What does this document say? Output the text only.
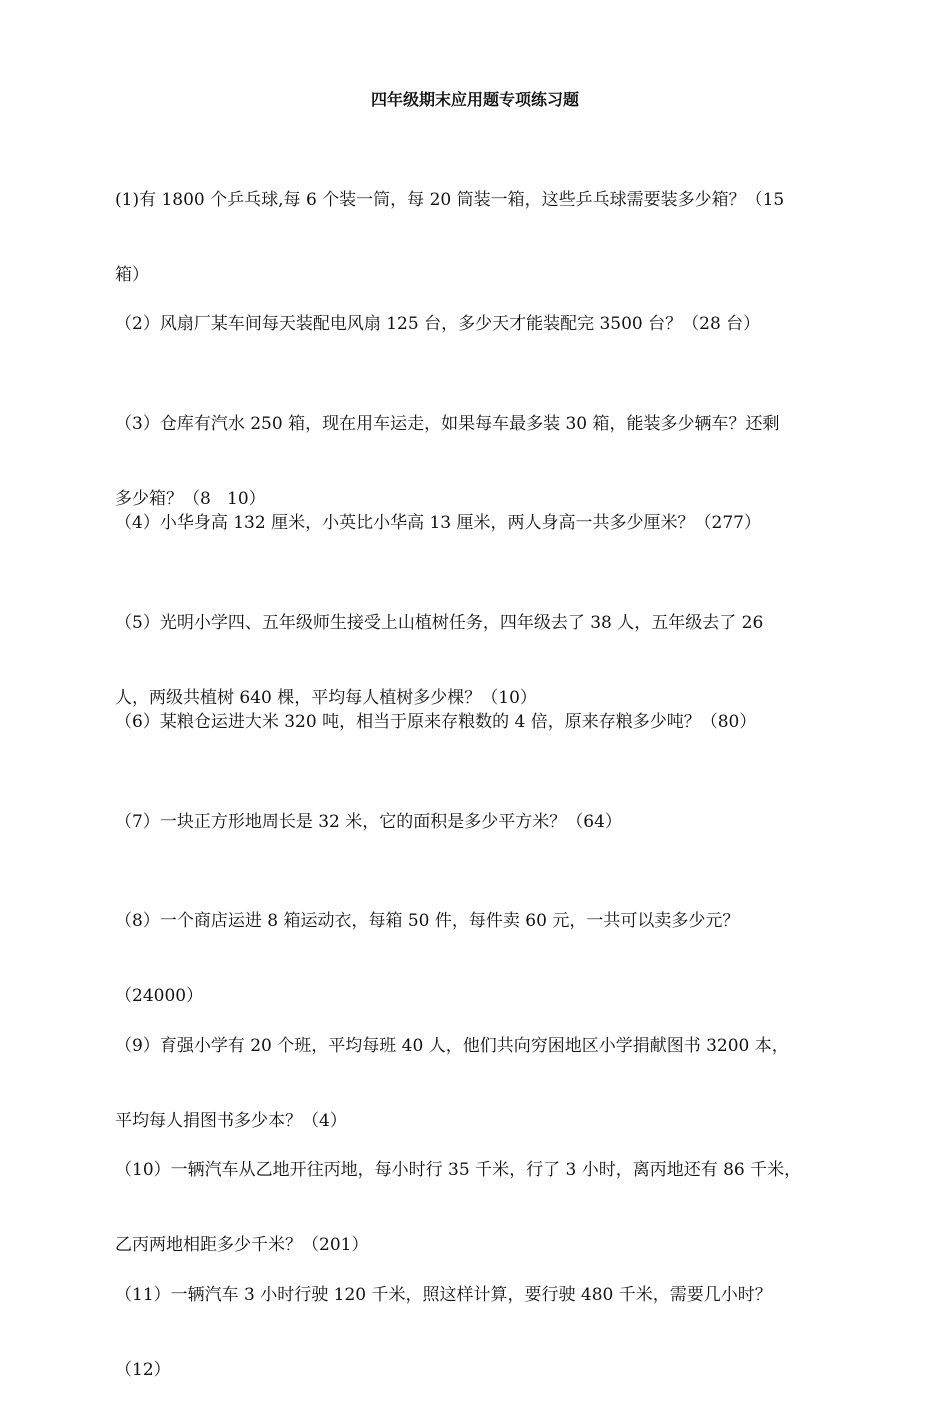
四年级期末应用题专项练习题

(1)有 1800 个乒乓球,每 6 个装一筒，每 20 筒装一箱，这些乒乓球需要装多少箱？（15

箱）

（2）风扇厂某车间每天装配电风扇 125 台，多少天才能装配完 3500 台？（28 台）

（3）仓库有汽水 250 箱，现在用车运走，如果每车最多装 30 箱，能装多少辆车？还剩

多少箱？（8   10）

（4）小华身高 132 厘米，小英比小华高 13 厘米，两人身高一共多少厘米？（277）

（5）光明小学四、五年级师生接受上山植树任务，四年级去了 38 人，五年级去了 26

人，两级共植树 640 棵，平均每人植树多少棵？（10）

（6）某粮仓运进大米 320 吨，相当于原来存粮数的 4 倍，原来存粮多少吨？（80）

（7）一块正方形地周长是 32 米，它的面积是多少平方米？（64）

（8）一个商店运进 8 箱运动衣，每箱 50 件，每件卖 60 元，一共可以卖多少元？

（24000）

（9）育强小学有 20 个班，平均每班 40 人，他们共向穷困地区小学捐献图书 3200 本，

平均每人捐图书多少本？（4）

（10）一辆汽车从乙地开往丙地，每小时行 35 千米，行了 3 小时，离丙地还有 86 千米，

乙丙两地相距多少千米？（201）

（11）一辆汽车 3 小时行驶 120 千米，照这样计算，要行驶 480 千米，需要几小时？

（12）
